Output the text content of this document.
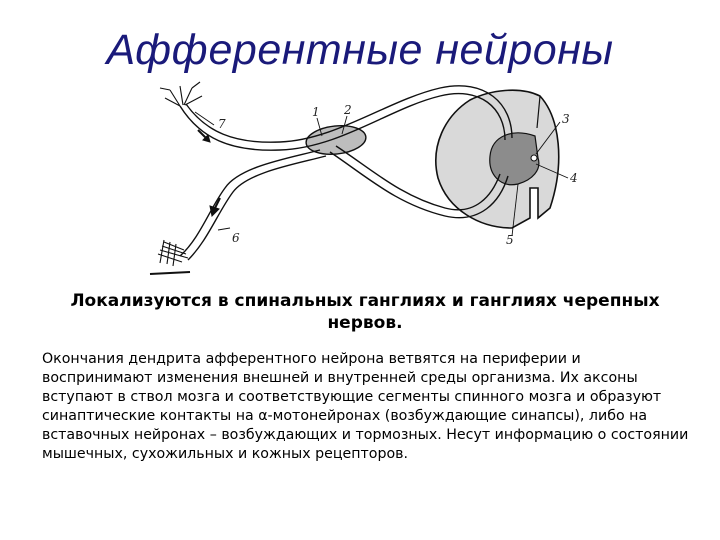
Афферентные нейроны
1 2
3
4
5
6
7
Локализуются в спинальных ганглиях и ганглиях черепных нервов.
Окончания дендрита афферентного нейрона ветвятся на периферии и воспринимают изменения внешней и внутренней среды организма. Их аксоны вступают в ствол мозга и соответствующие сегменты спинного мозга и образуют синаптические контакты на α-мотонейронах (возбуждающие синапсы), либо на вставочных нейронах – возбуждающих и тормозных. Несут информацию о состоянии мышечных, сухожильных и кожных рецепторов.
